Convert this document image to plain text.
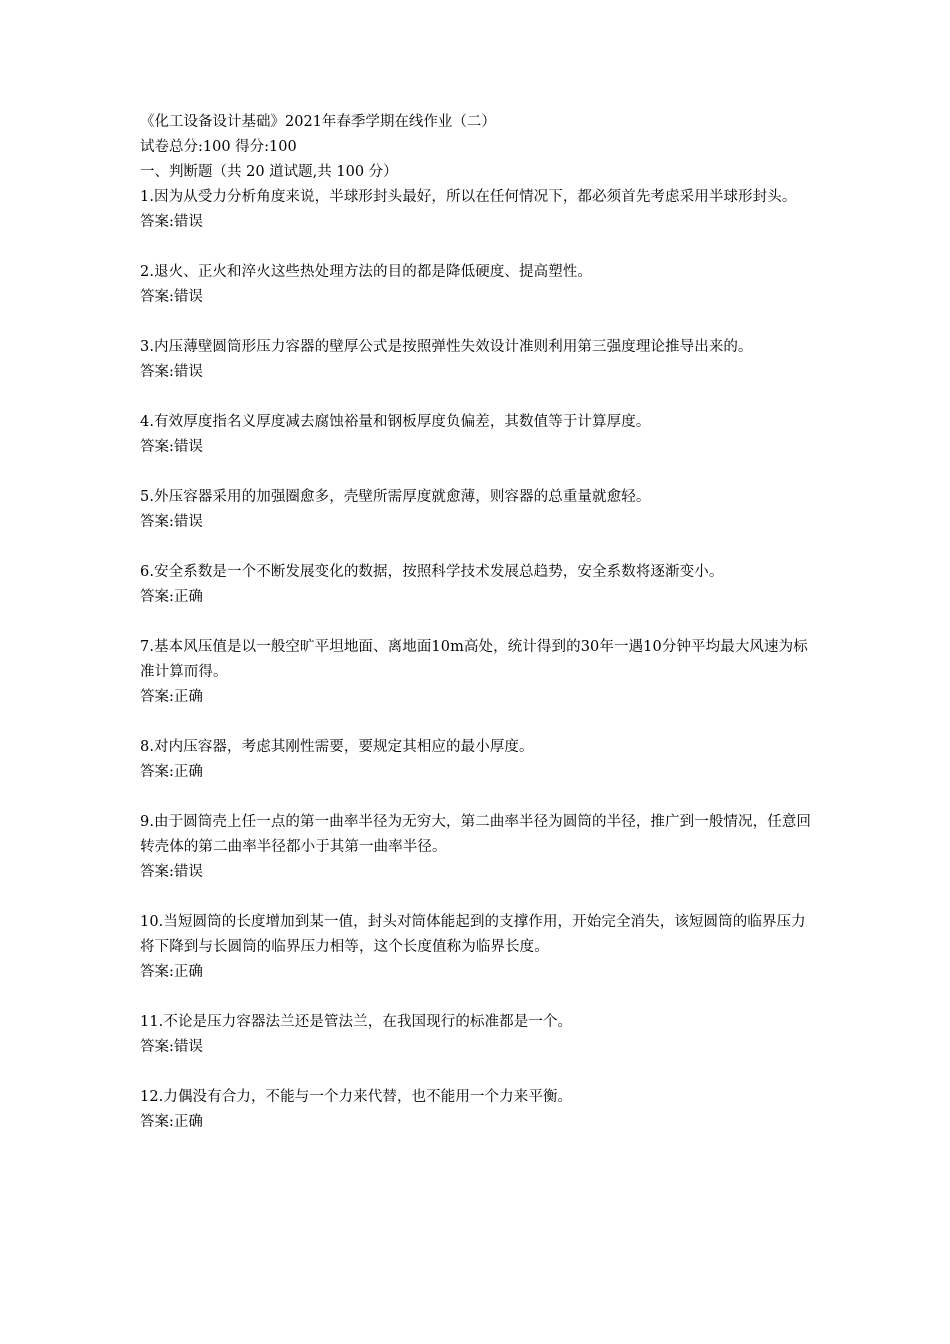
《化工设备设计基础》2021年春季学期在线作业（二）
试卷总分:100 得分:100
一、判断题（共 20 道试题,共 100 分）
1.因为从受力分析角度来说，半球形封头最好，所以在任何情况下，都必须首先考虑采用半球形封头。
答案:错误
2.退火、正火和淬火这些热处理方法的目的都是降低硬度、提高塑性。
答案:错误
3.内压薄壁圆筒形压力容器的壁厚公式是按照弹性失效设计准则利用第三强度理论推导出来的。
答案:错误
4.有效厚度指名义厚度减去腐蚀裕量和钢板厚度负偏差，其数值等于计算厚度。
答案:错误
5.外压容器采用的加强圈愈多，壳壁所需厚度就愈薄，则容器的总重量就愈轻。
答案:错误
6.安全系数是一个不断发展变化的数据，按照科学技术发展总趋势，安全系数将逐渐变小。
答案:正确
7.基本风压值是以一般空旷平坦地面、离地面10m高处，统计得到的30年一遇10分钟平均最大风速为标准计算而得。
答案:正确
8.对内压容器，考虑其刚性需要，要规定其相应的最小厚度。
答案:正确
9.由于圆筒壳上任一点的第一曲率半径为无穷大，第二曲率半径为圆筒的半径，推广到一般情况，任意回转壳体的第二曲率半径都小于其第一曲率半径。
答案:错误
10.当短圆筒的长度增加到某一值，封头对筒体能起到的支撑作用，开始完全消失，该短圆筒的临界压力将下降到与长圆筒的临界压力相等，这个长度值称为临界长度。
答案:正确
11.不论是压力容器法兰还是管法兰，在我国现行的标准都是一个。
答案:错误
12.力偶没有合力，不能与一个力来代替，也不能用一个力来平衡。
答案:正确
